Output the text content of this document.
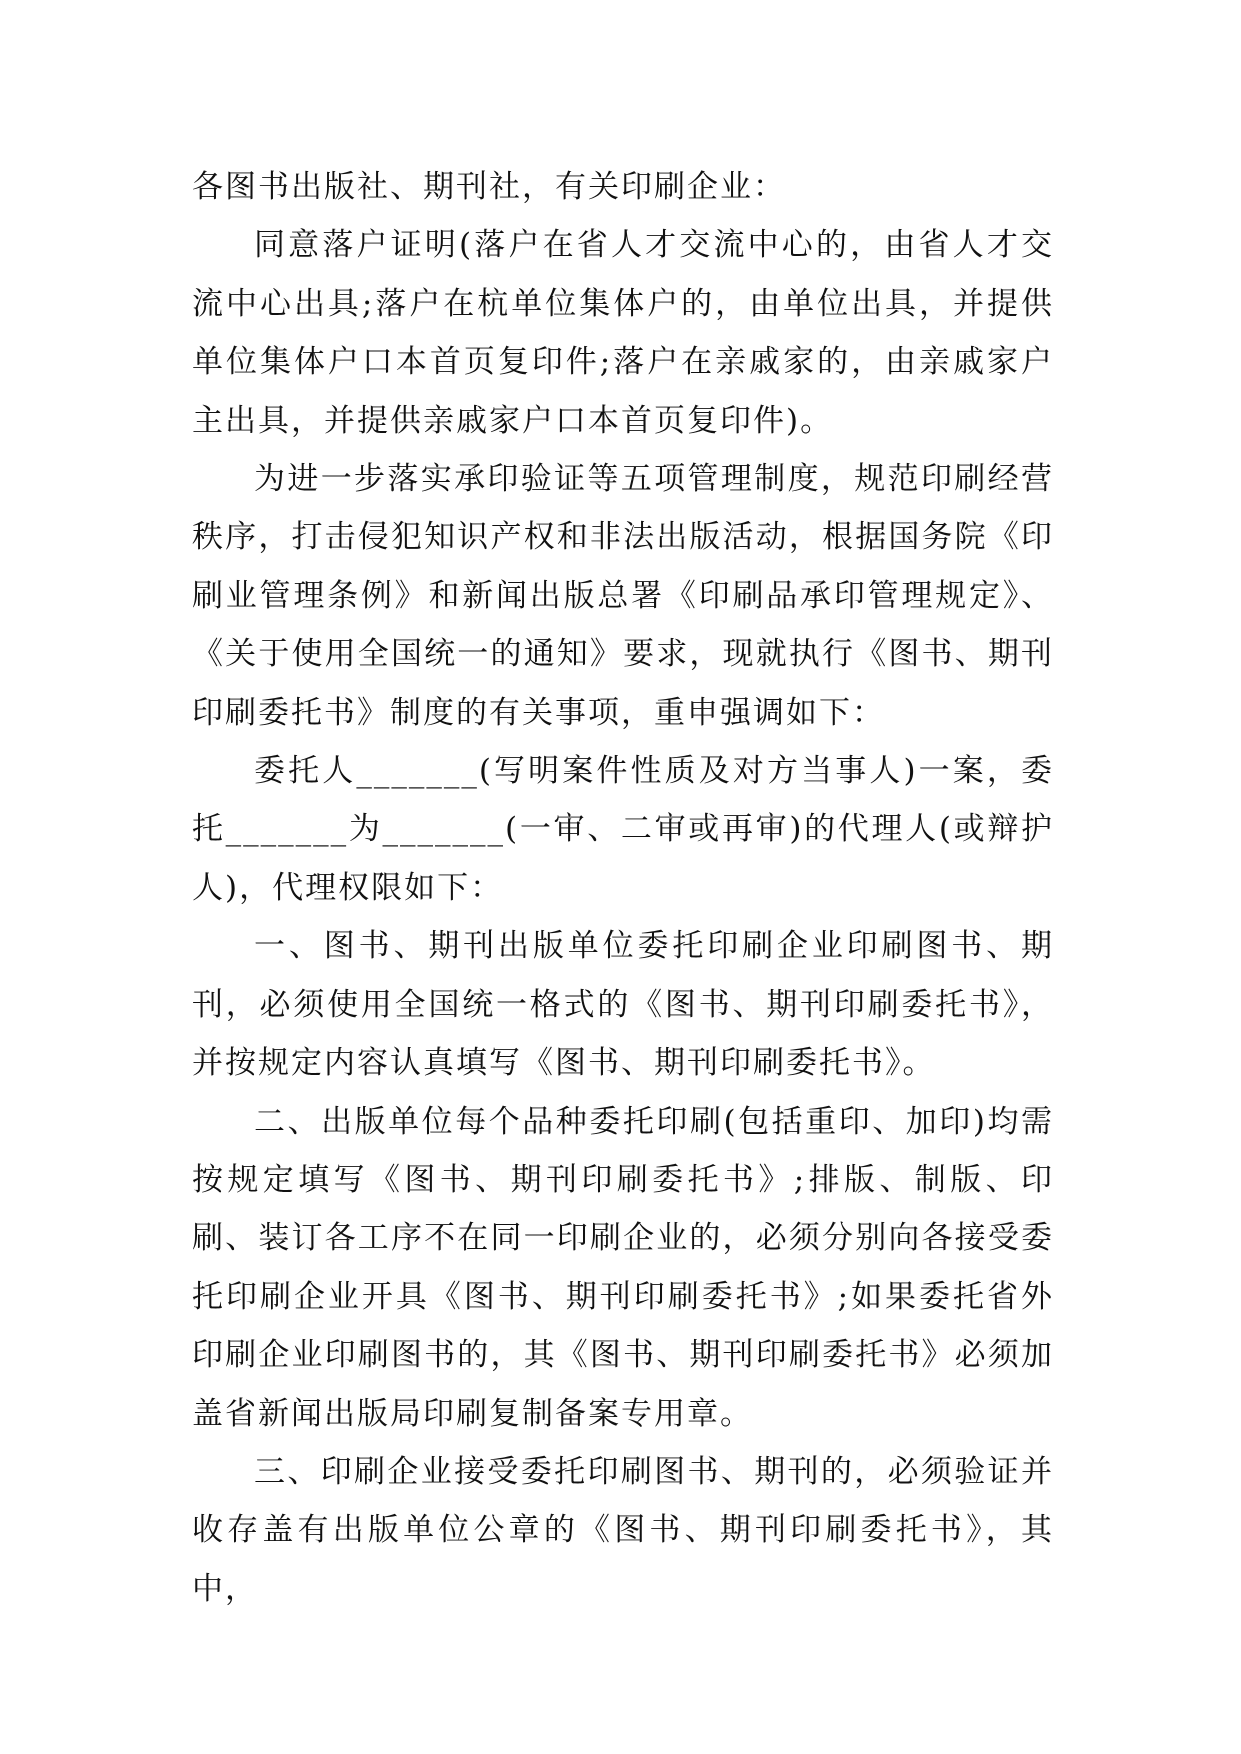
各图书出版社、期刊社，有关印刷企业：

同意落户证明(落户在省人才交流中心的，由省人才交流中心出具;落户在杭单位集体户的，由单位出具，并提供单位集体户口本首页复印件;落户在亲戚家的，由亲戚家户主出具，并提供亲戚家户口本首页复印件)。

为进一步落实承印验证等五项管理制度，规范印刷经营秩序，打击侵犯知识产权和非法出版活动，根据国务院《印刷业管理条例》和新闻出版总署《印刷品承印管理规定》、《关于使用全国统一的通知》要求，现就执行《图书、期刊印刷委托书》制度的有关事项，重申强调如下：

委托人_______(写明案件性质及对方当事人)一案，委托_______为_______(一审、二审或再审)的代理人(或辩护人)，代理权限如下：

一、图书、期刊出版单位委托印刷企业印刷图书、期刊，必须使用全国统一格式的《图书、期刊印刷委托书》，并按规定内容认真填写《图书、期刊印刷委托书》。

二、出版单位每个品种委托印刷(包括重印、加印)均需按规定填写《图书、期刊印刷委托书》;排版、制版、印刷、装订各工序不在同一印刷企业的，必须分别向各接受委托印刷企业开具《图书、期刊印刷委托书》;如果委托省外印刷企业印刷图书的，其《图书、期刊印刷委托书》必须加盖省新闻出版局印刷复制备案专用章。

三、印刷企业接受委托印刷图书、期刊的，必须验证并收存盖有出版单位公章的《图书、期刊印刷委托书》，其中，
